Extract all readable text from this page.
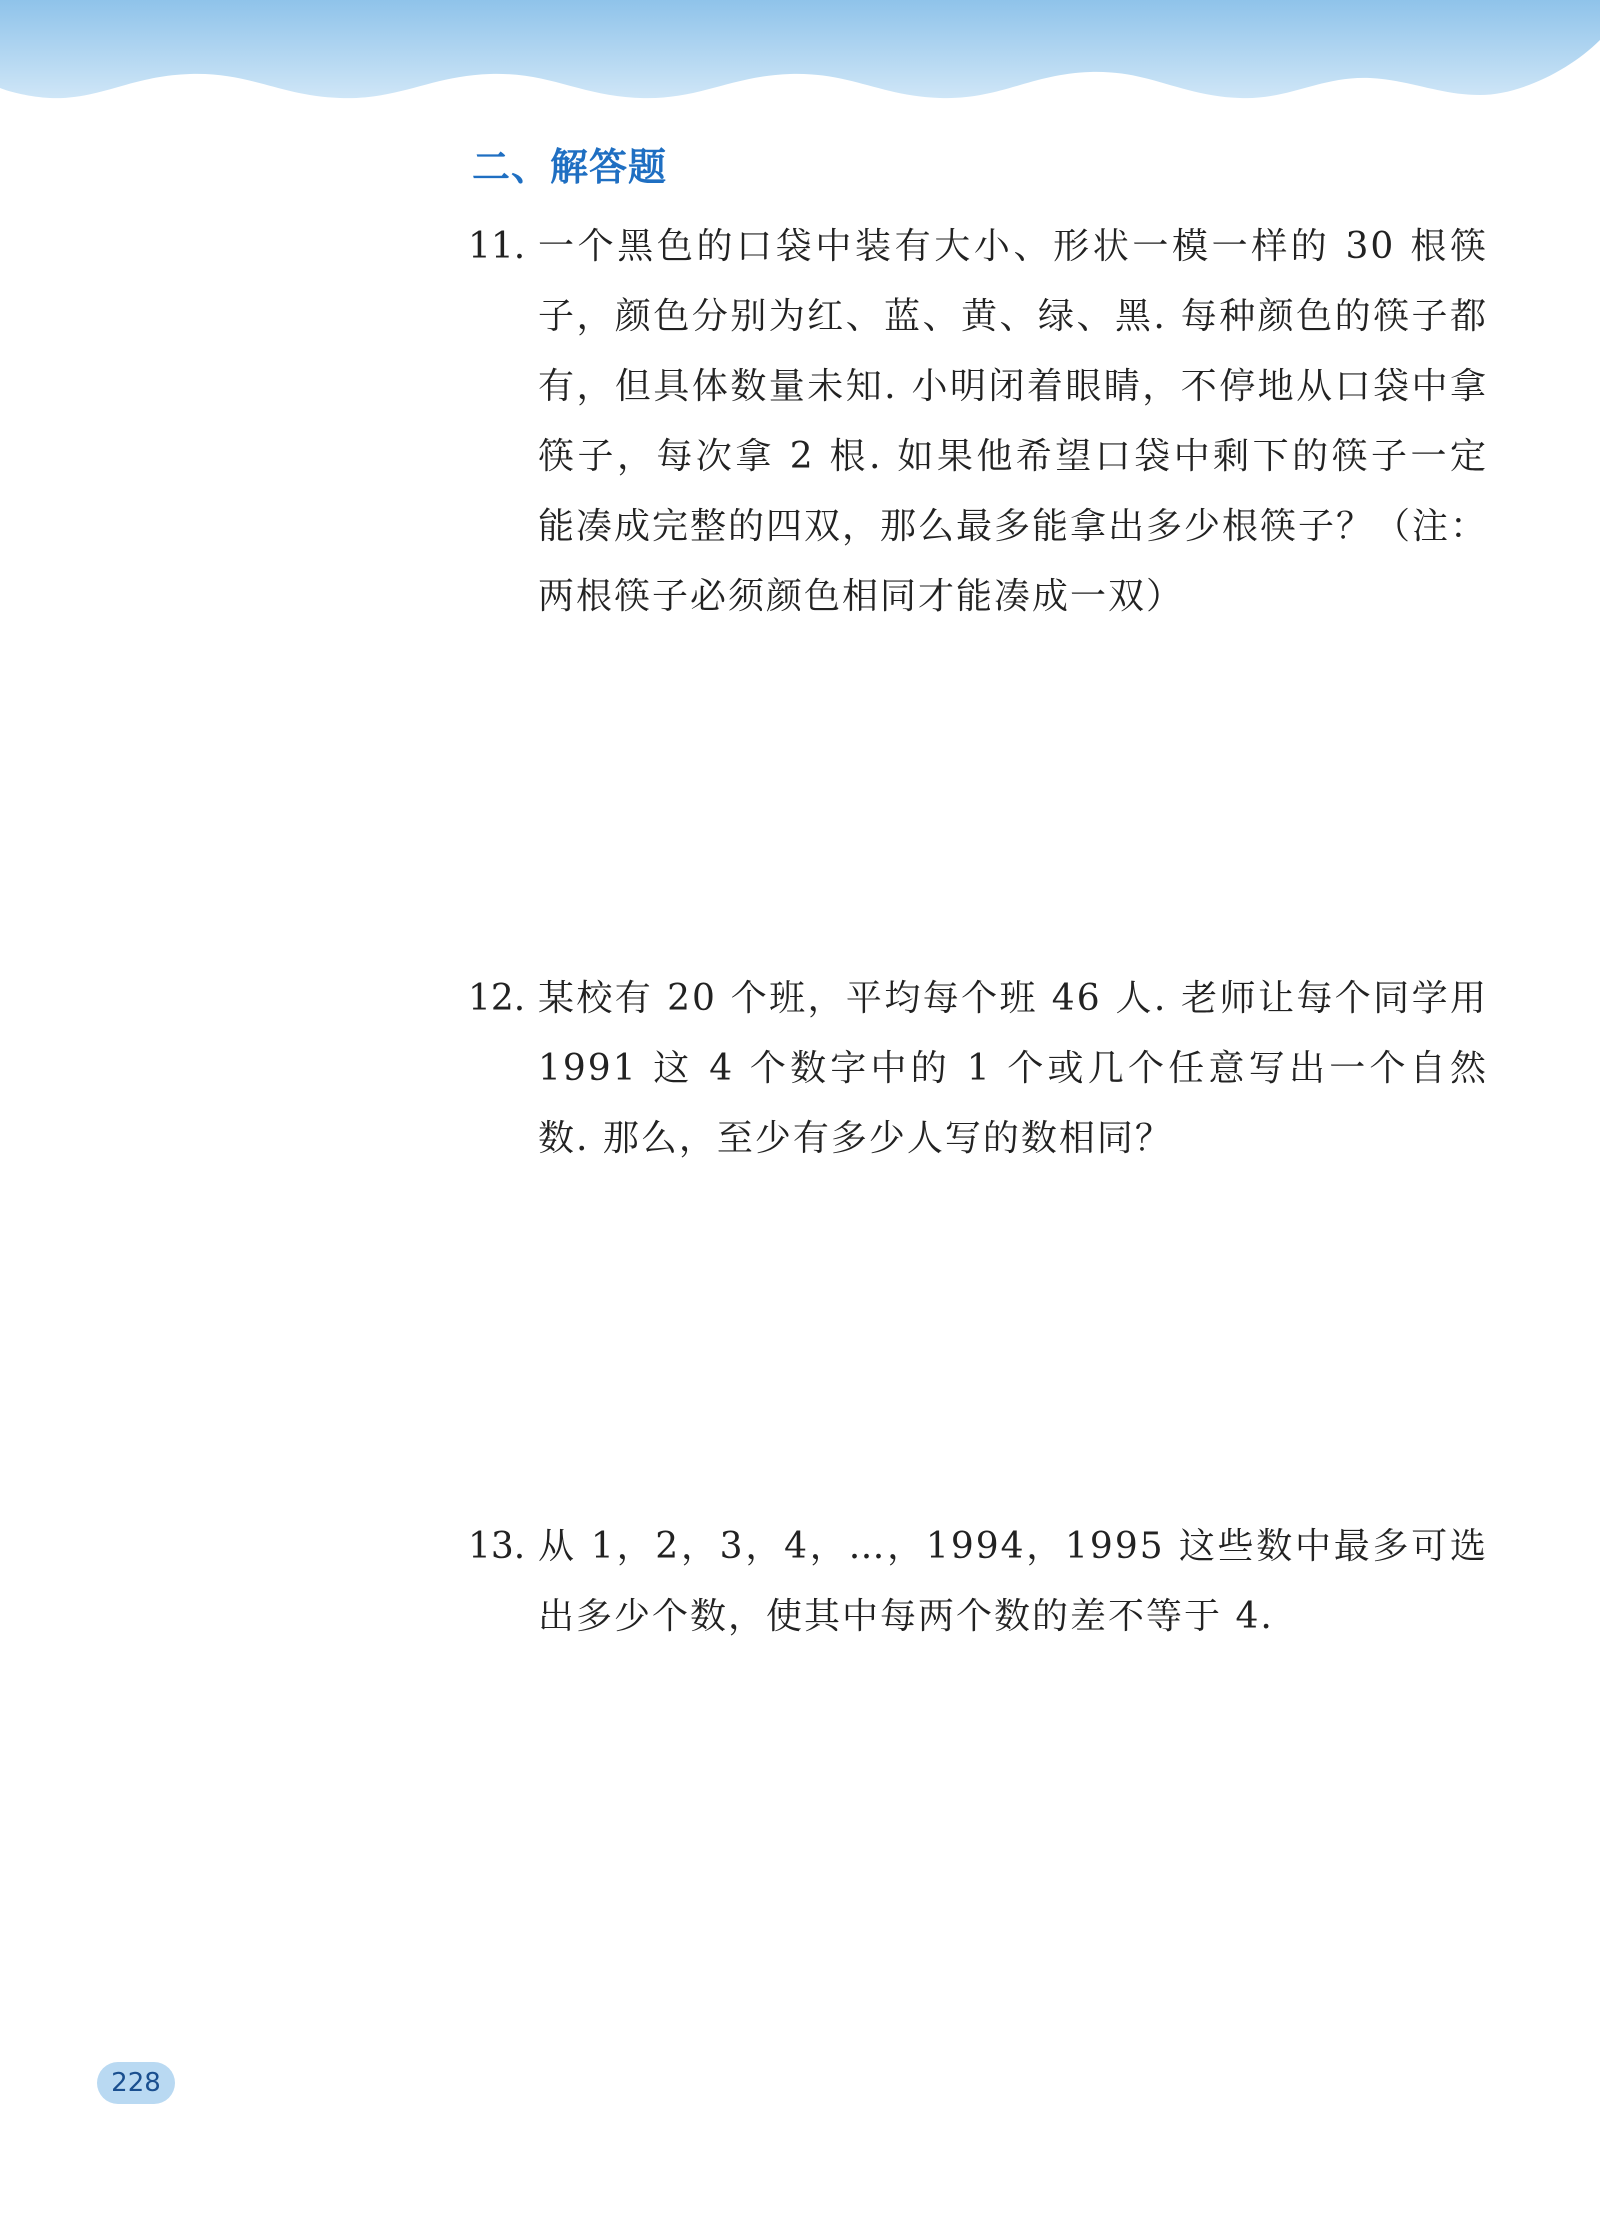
二、解答题
11. 一个黑色的口袋中装有大小、形状一模一样的 30 根筷子，颜色分别为红、蓝、黄、绿、黑. 每种颜色的筷子都有，但具体数量未知. 小明闭着眼睛，不停地从口袋中拿筷子，每次拿 2 根. 如果他希望口袋中剩下的筷子一定能凑成完整的四双，那么最多能拿出多少根筷子？（注：两根筷子必须颜色相同才能凑成一双）
12. 某校有 20 个班，平均每个班 46 人. 老师让每个同学用 1991 这 4 个数字中的 1 个或几个任意写出一个自然数. 那么，至少有多少人写的数相同？
13. 从 1，2，3，4，…，1994，1995 这些数中最多可选出多少个数，使其中每两个数的差不等于 4.
228
